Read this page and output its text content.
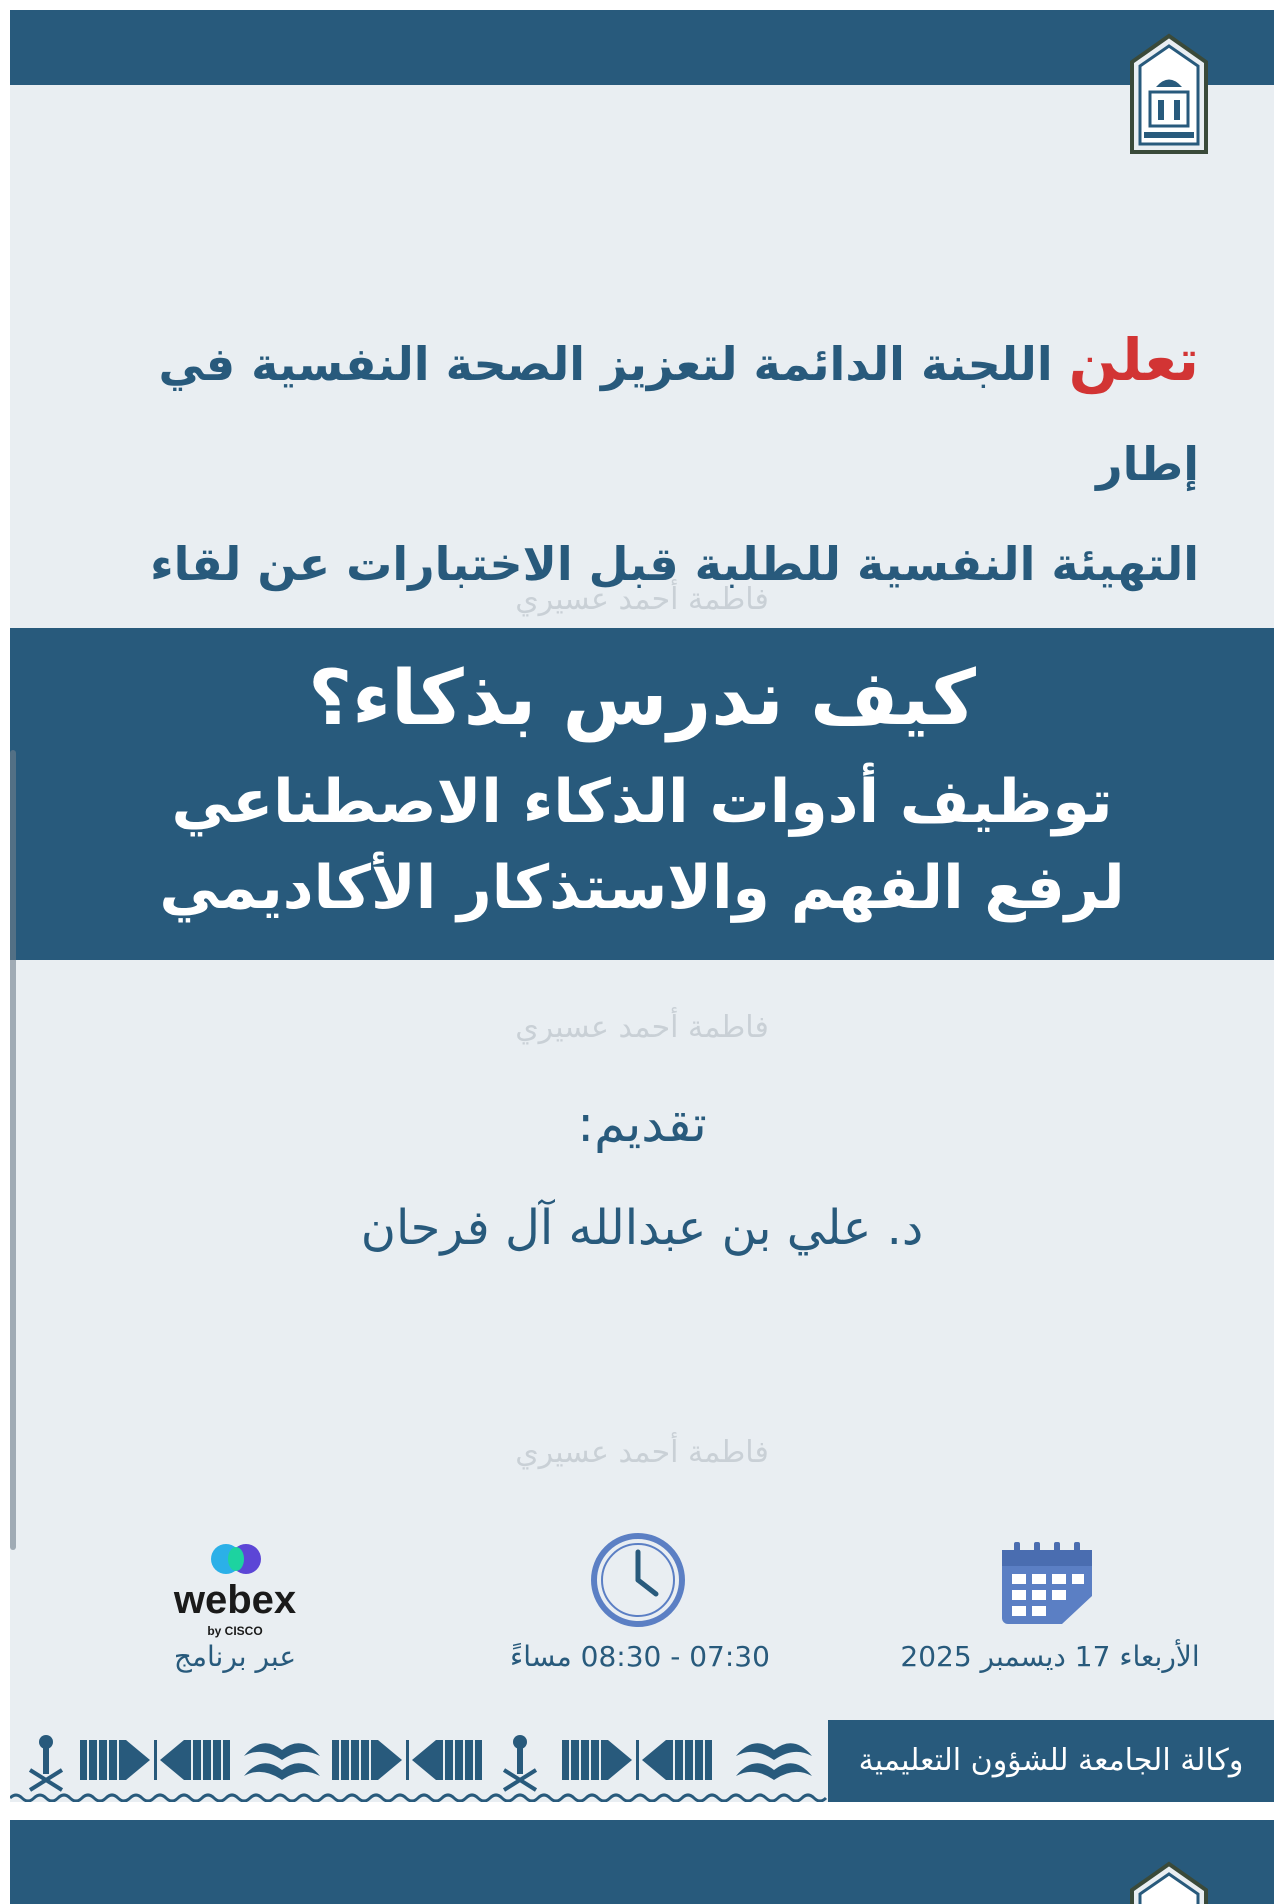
تعلن اللجنة الدائمة لتعزيز الصحة النفسية في إطار
التهيئة النفسية للطلبة قبل الاختبارات عن لقاء
فاطمة أحمد عسيري
كيف ندرس بذكاء؟
توظيف أدوات الذكاء الاصطناعي
لرفع الفهم والاستذكار الأكاديمي
فاطمة أحمد عسيري
تقديم:
د. علي بن عبدالله آل فرحان
فاطمة أحمد عسيري
الأربعاء 17 ديسمبر 2025
07:30 - 08:30 مساءً
webex
by CISCO
عبر برنامج
وكالة الجامعة للشؤون التعليمية
